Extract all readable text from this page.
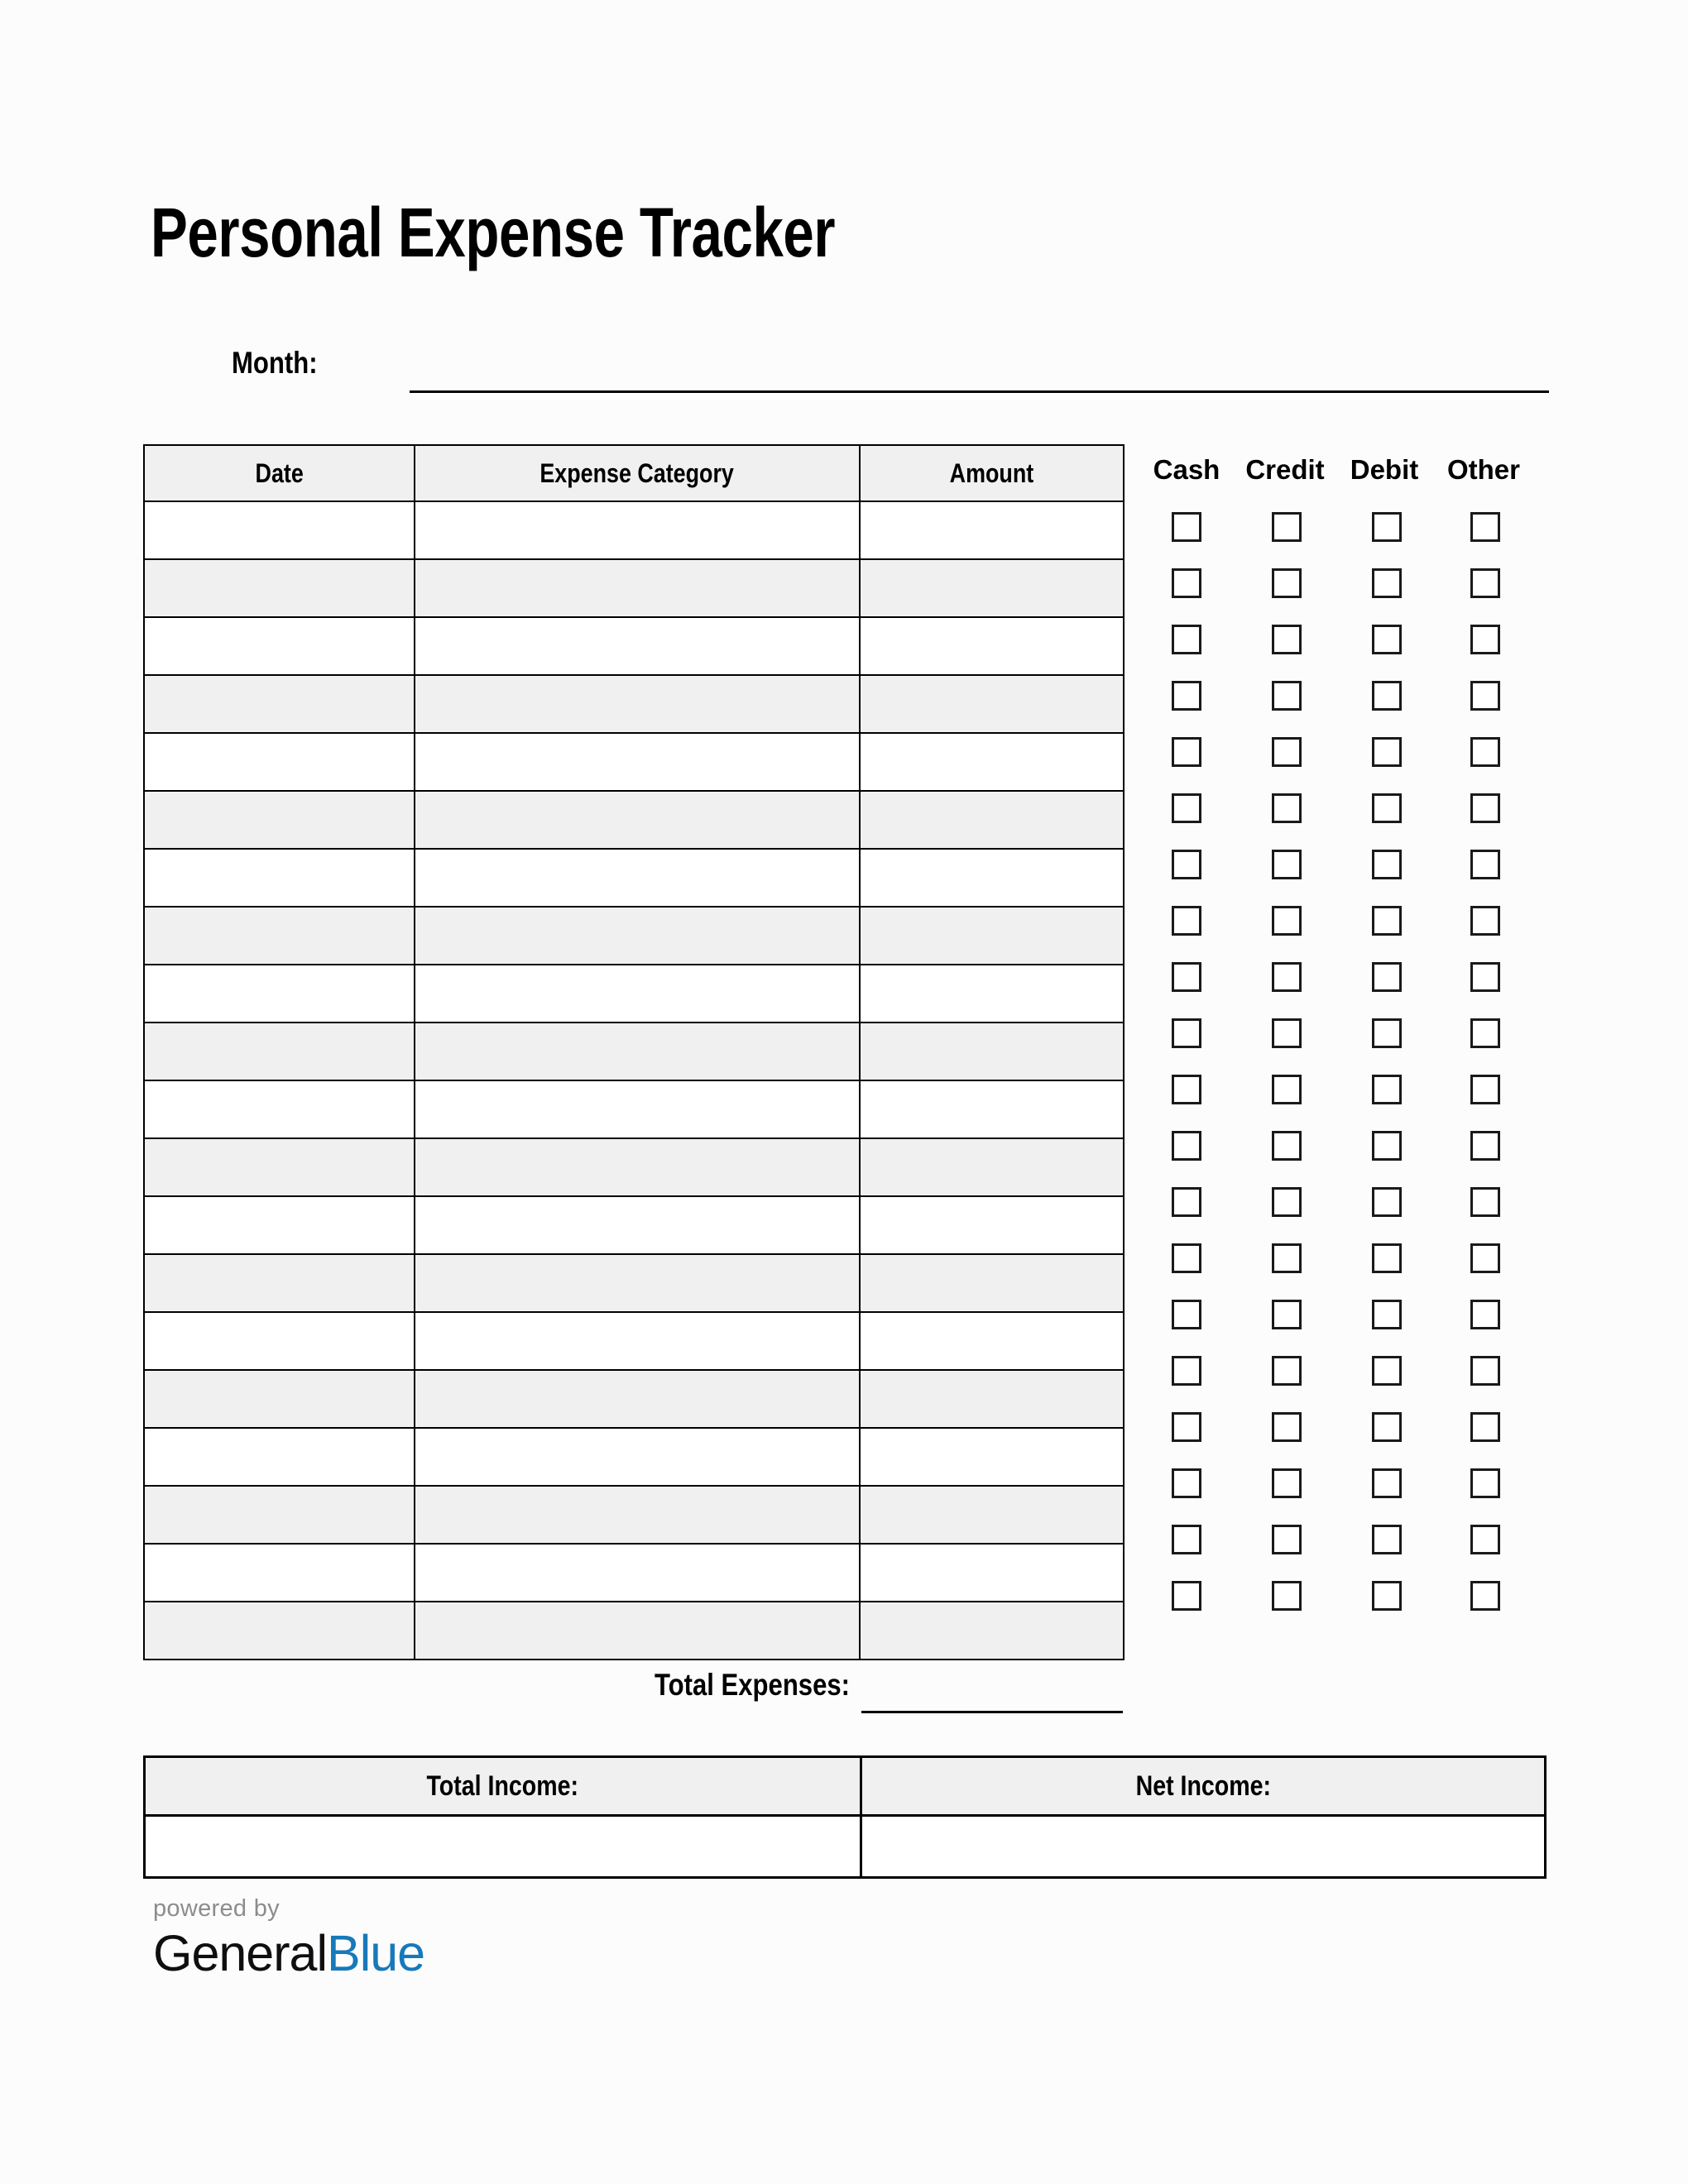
Personal Expense Tracker
Month:
Date	Expense Category	Amount

			Cash Credit Debit	Other
Total Expenses:
Total Income:	Net Income:

powered by
GeneralBlue
